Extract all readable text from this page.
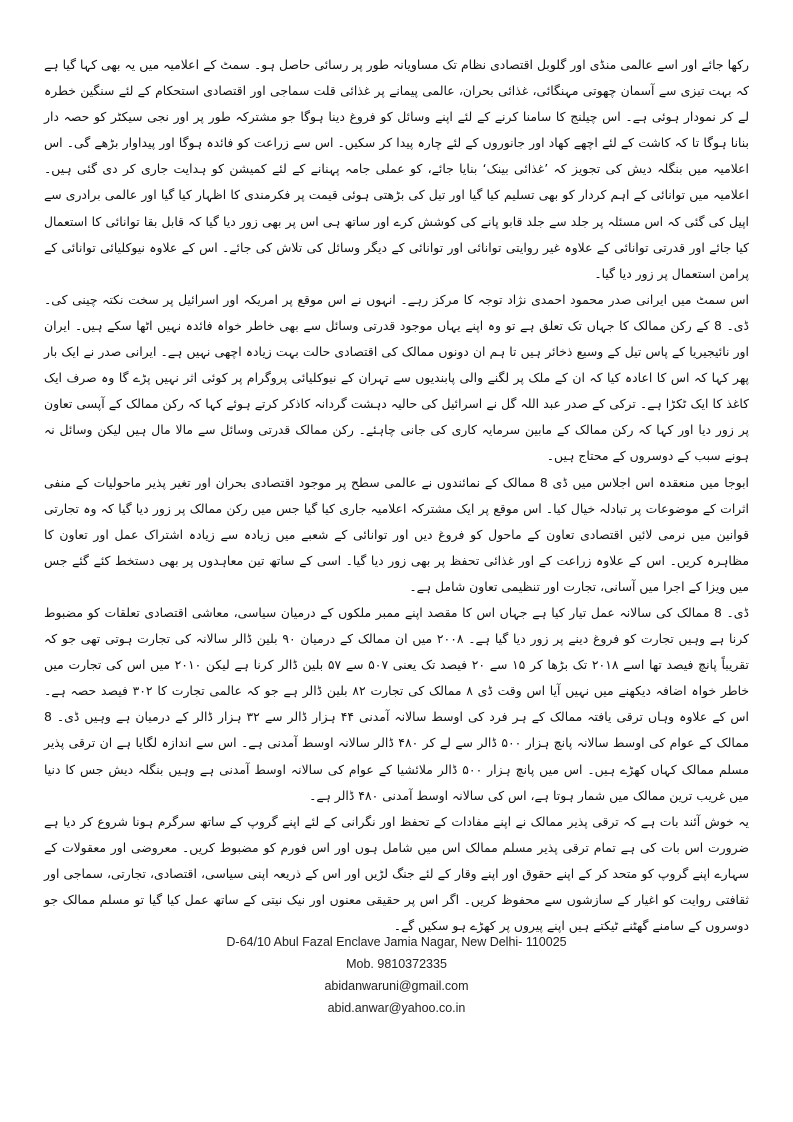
رکھا جائے اور اسے عالمی منڈی اور گلوبل اقتصادی نظام تک مساویانہ طور پر رسائی حاصل ہو۔ سمٹ کے اعلامیہ میں یہ بھی کہا گیا ہے کہ بہت تیزی سے آسمان چھوتی مہنگائی، غذائی بحران، عالمی پیمانے پر غذائی قلت سماجی اور اقتصادی استحکام کے لئے سنگین خطرہ لے کر نمودار ہوئی ہے۔ اس چیلنج کا سامنا کرنے کے لئے اپنے وسائل کو فروغ دینا ہوگا جو مشترکہ طور پر اور نجی سیکٹر کو حصہ دار بنانا ہوگا تا کہ کاشت کے لئے اچھے کھاد اور جانوروں کے لئے چارہ پیدا کر سکیں۔ اس سے زراعت کو فائدہ ہوگا اور پیداوار بڑھے گی۔ اس اعلامیہ میں بنگلہ دیش کی تجویز کہ ’غذائی بینک‘ بنایا جائے، کو عملی جامہ پہنانے کے لئے کمیشن کو ہدایت جاری کر دی گئی ہیں۔ اعلامیہ میں توانائی کے اہم کردار کو بھی تسلیم کیا گیا اور تیل کی بڑھتی ہوئی قیمت پر فکرمندی کا اظہار کیا گیا اور عالمی برادری سے اپیل کی گئی کہ اس مسئلہ پر جلد سے جلد قابو پانے کی کوشش کرے اور ساتھ ہی اس پر بھی زور دیا گیا کہ قابل بقا توانائی کا استعمال کیا جائے اور قدرتی توانائی کے علاوہ غیر روایتی توانائی اور توانائی کے دیگر وسائل کی تلاش کی جائے۔ اس کے علاوہ نیوکلیائی توانائی کے پرامن استعمال پر زور دیا گیا۔

اس سمٹ میں ایرانی صدر محمود احمدی نژاد توجہ کا مرکز رہے۔ انہوں نے اس موقع پر امریکہ اور اسرائیل پر سخت نکتہ چینی کی۔ ڈی۔ 8 کے رکن ممالک کا جہاں تک تعلق ہے تو وہ اپنے یہاں موجود قدرتی وسائل سے بھی خاطر خواہ فائدہ نہیں اٹھا سکے ہیں۔ ایران اور نائیجیریا کے پاس تیل کے وسیع ذخائر ہیں تا ہم ان دونوں ممالک کی اقتصادی حالت بہت زیادہ اچھی نہیں ہے۔ ایرانی صدر نے ایک بار پھر کہا کہ اس کا اعادہ کیا کہ ان کے ملک پر لگنے والی پابندیوں سے تہران کے نیوکلیائی پروگرام پر کوئی اثر نہیں پڑے گا وہ صرف ایک کاغذ کا ایک ٹکڑا ہے۔ ترکی کے صدر عبد اللہ گل نے اسرائیل کی حالیہ دہشت گردانہ کاذکر کرتے ہوئے کہا کہ رکن ممالک کے آپسی تعاون پر زور دیا اور کہا کہ رکن ممالک کے مابین سرمایہ کاری کی جانی چاہئے۔ رکن ممالک قدرتی وسائل سے مالا مال ہیں لیکن وسائل نہ ہونے سبب کے دوسروں کے محتاج ہیں۔

ابوجا میں منعقدہ اس اجلاس میں ڈی 8 ممالک کے نمائندوں نے عالمی سطح پر موجود اقتصادی بحران اور تغیر پذیر ماحولیات کے منفی اثرات کے موضوعات پر تبادلہ خیال کیا۔ اس موقع پر ایک مشترکہ اعلامیہ جاری کیا گیا جس میں رکن ممالک پر زور دیا گیا کہ وہ تجارتی قوانین میں نرمی لائیں اقتصادی تعاون کے ماحول کو فروغ دیں اور توانائی کے شعبے میں زیادہ سے زیادہ اشتراک عمل اور تعاون کا مظاہرہ کریں۔ اس کے علاوہ زراعت کے اور غذائی تحفظ پر بھی زور دیا گیا۔ اسی کے ساتھ تین معاہدوں پر بھی دستخط کئے گئے جس میں ویزا کے اجرا میں آسانی، تجارت اور تنظیمی تعاون شامل ہے۔

ڈی۔ 8 ممالک کی سالانہ عمل تیار کیا ہے جہاں اس کا مقصد اپنے ممبر ملکوں کے درمیان سیاسی، معاشی اقتصادی تعلقات کو مضبوط کرنا ہے وہیں تجارت کو فروغ دینے پر زور دیا گیا ہے۔ ۲۰۰۸ میں ان ممالک کے درمیان ۹۰ بلین ڈالر سالانہ کی تجارت ہوتی تھی جو کہ تقریباً پانچ فیصد تھا اسے ۲۰۱۸ تک بڑھا کر ۱۵ سے ۲۰ فیصد تک یعنی ۵۰۷ سے ۵۷ بلین ڈالر کرنا ہے لیکن ۲۰۱۰ میں اس کی تجارت میں خاطر خواہ اضافہ دیکھنے میں نہیں آیا اس وقت ڈی ۸ ممالک کی تجارت ۸۲ بلین ڈالر ہے جو کہ عالمی تجارت کا ۳۰۲ فیصد حصہ ہے۔ اس کے علاوہ وہاں ترقی یافتہ ممالک کے ہر فرد کی اوسط سالانہ آمدنی ۴۴ ہزار ڈالر سے ۳۲ ہزار ڈالر کے درمیان ہے وہیں ڈی۔ 8 ممالک کے عوام کی اوسط سالانہ پانچ ہزار ۵۰۰ ڈالر سے لے کر ۴۸۰ ڈالر سالانہ اوسط آمدنی ہے۔ اس سے اندازہ لگایا ہے ان ترقی پذیر مسلم ممالک کہاں کھڑے ہیں۔ اس میں پانچ ہزار ۵۰۰ ڈالر ملائشیا کے عوام کی سالانہ اوسط آمدنی ہے وہیں بنگلہ دیش جس کا دنیا میں غریب ترین ممالک میں شمار ہوتا ہے، اس کی سالانہ اوسط آمدنی ۴۸۰ ڈالر ہے۔

یہ خوش آئند بات ہے کہ ترقی پذیر ممالک نے اپنے مفادات کے تحفظ اور نگرانی کے لئے اپنے گروپ کے ساتھ سرگرم ہونا شروع کر دیا ہے ضرورت اس بات کی ہے تمام ترقی پذیر مسلم ممالک اس میں شامل ہوں اور اس فورم کو مضبوط کریں۔ معروضی اور معقولات کے سہارے اپنے گروپ کو متحد کر کے اپنے حقوق اور اپنے وقار کے لئے جنگ لڑیں اور اس کے ذریعہ اپنی سیاسی، اقتصادی، تجارتی، سماجی اور ثقافتی روایت کو اغیار کے سازشوں سے محفوظ کریں۔ اگر اس پر حقیقی معنوں اور نیک نیتی کے ساتھ عمل کیا گیا تو مسلم ممالک جو دوسروں کے سامنے گھٹنے ٹیکتے ہیں اپنے پیروں پر کھڑے ہو سکیں گے۔

D-64/10 Abul Fazal Enclave Jamia Nagar, New Delhi- 110025
Mob. 9810372335
abidanwaruni@gmail.com
abid.anwar@yahoo.co.in
